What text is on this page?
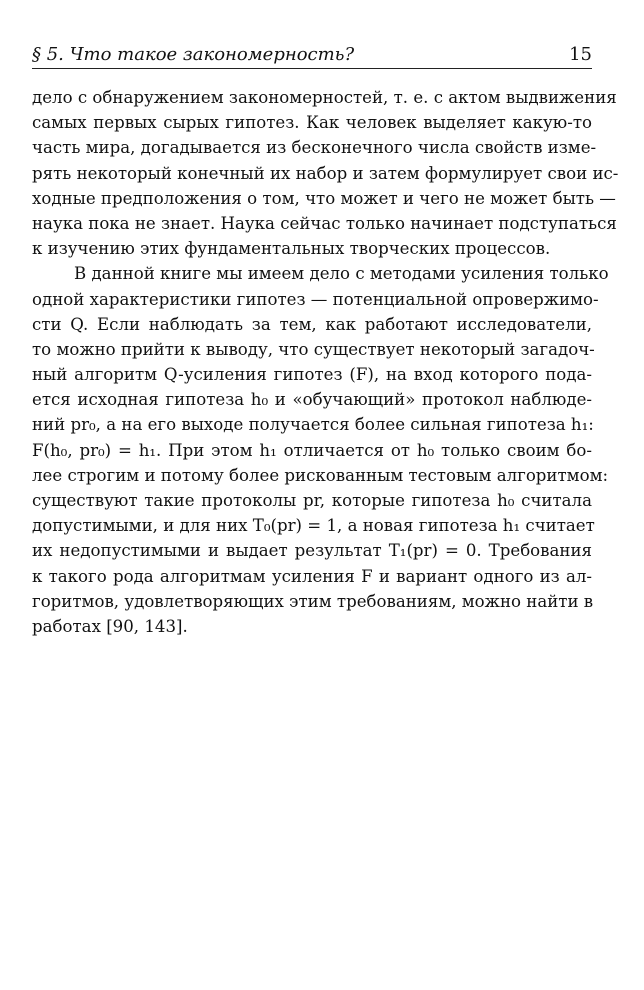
§ 5. Что такое закономерность?	15
дело с обнаружением закономерностей, т. е. с актом выдвижения
самых первых сырых гипотез. Как человек выделяет какую-то
часть мира, догадывается из бесконечного числа свойств изме-
рять некоторый конечный их набор и затем формулирует свои ис-
ходные предположения о том, что может и чего не может быть —
наука пока не знает. Наука сейчас только начинает подступаться
к изучению этих фундаментальных творческих процессов.
В данной книге мы имеем дело с методами усиления только
одной характеристики гипотез — потенциальной опровержимо-
сти Q. Если наблюдать за тем, как работают исследователи,
то можно прийти к выводу, что существует некоторый загадоч-
ный алгоритм Q-усиления гипотез (F), на вход которого пода-
ется исходная гипотеза h₀ и «обучающий» протокол наблюде-
ний pr₀, а на его выходе получается более сильная гипотеза h₁:
F(h₀, pr₀) = h₁. При этом h₁ отличается от h₀ только своим бо-
лее строгим и потому более рискованным тестовым алгоритмом:
существуют такие протоколы pr, которые гипотеза h₀ считала
допустимыми, и для них T₀(pr) = 1, а новая гипотеза h₁ считает
их недопустимыми и выдает результат T₁(pr) = 0. Требования
к такого рода алгоритмам усиления F и вариант одного из ал-
горитмов, удовлетворяющих этим требованиям, можно найти в
работах [90, 143].
